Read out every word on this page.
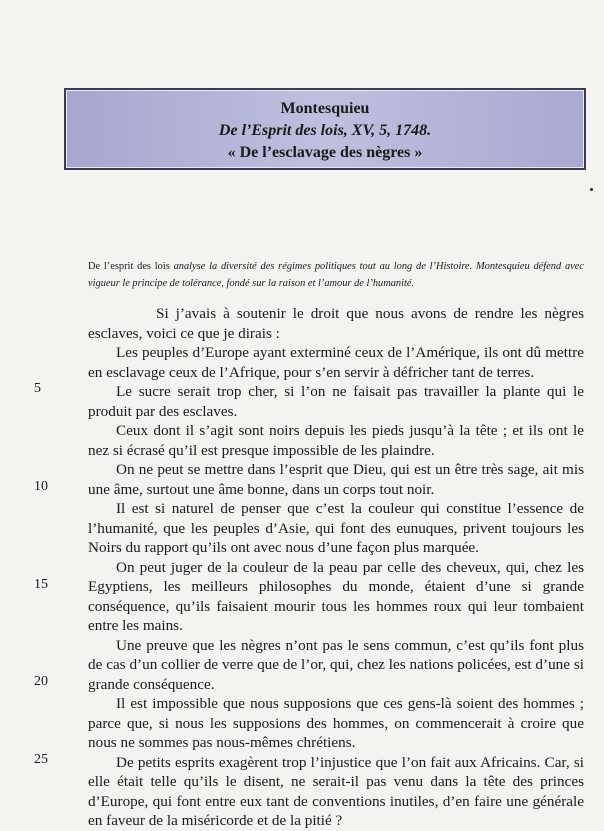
Montesquieu
De l’Esprit des lois, XV, 5, 1748.
« De l’esclavage des nègres »
De l’esprit des lois analyse la diversité des régimes politiques tout au long de l’Histoire. Montesquieu défend avec vigueur le principe de tolérance, fondé sur la raison et l’amour de l’humanité.

Si j’avais à soutenir le droit que nous avons de rendre les nègres esclaves, voici ce que je dirais :

Les peuples d’Europe ayant exterminé ceux de l’Amérique, ils ont dû mettre en esclavage ceux de l’Afrique, pour s’en servir à défricher tant de terres.

Le sucre serait trop cher, si l’on ne faisait pas travailler la plante qui le produit par des esclaves.

Ceux dont il s’agit sont noirs depuis les pieds jusqu’à la tête ; et ils ont le nez si écrasé qu’il est presque impossible de les plaindre.

On ne peut se mettre dans l’esprit que Dieu, qui est un être très sage, ait mis une âme, surtout une âme bonne, dans un corps tout noir.

Il est si naturel de penser que c’est la couleur qui constitue l’essence de l’humanité, que les peuples d’Asie, qui font des eunuques, privent toujours les Noirs du rapport qu’ils ont avec nous d’une façon plus marquée.

On peut juger de la couleur de la peau par celle des cheveux, qui, chez les Egyptiens, les meilleurs philosophes du monde, étaient d’une si grande conséquence, qu’ils faisaient mourir tous les hommes roux qui leur tombaient entre les mains.

Une preuve que les nègres n’ont pas le sens commun, c’est qu’ils font plus de cas d’un collier de verre que de l’or, qui, chez les nations policées, est d’une si grande conséquence.

Il est impossible que nous supposions que ces gens-là soient des hommes ; parce que, si nous les supposions des hommes, on commencerait à croire que nous ne sommes pas nous-mêmes chrétiens.

De petits esprits exagèrent trop l’injustice que l’on fait aux Africains. Car, si elle était telle qu’ils le disent, ne serait-il pas venu dans la tête des princes d’Europe, qui font entre eux tant de conventions inutiles, d’en faire une générale en faveur de la miséricorde et de la pitié ?

5
10
15
20
25
